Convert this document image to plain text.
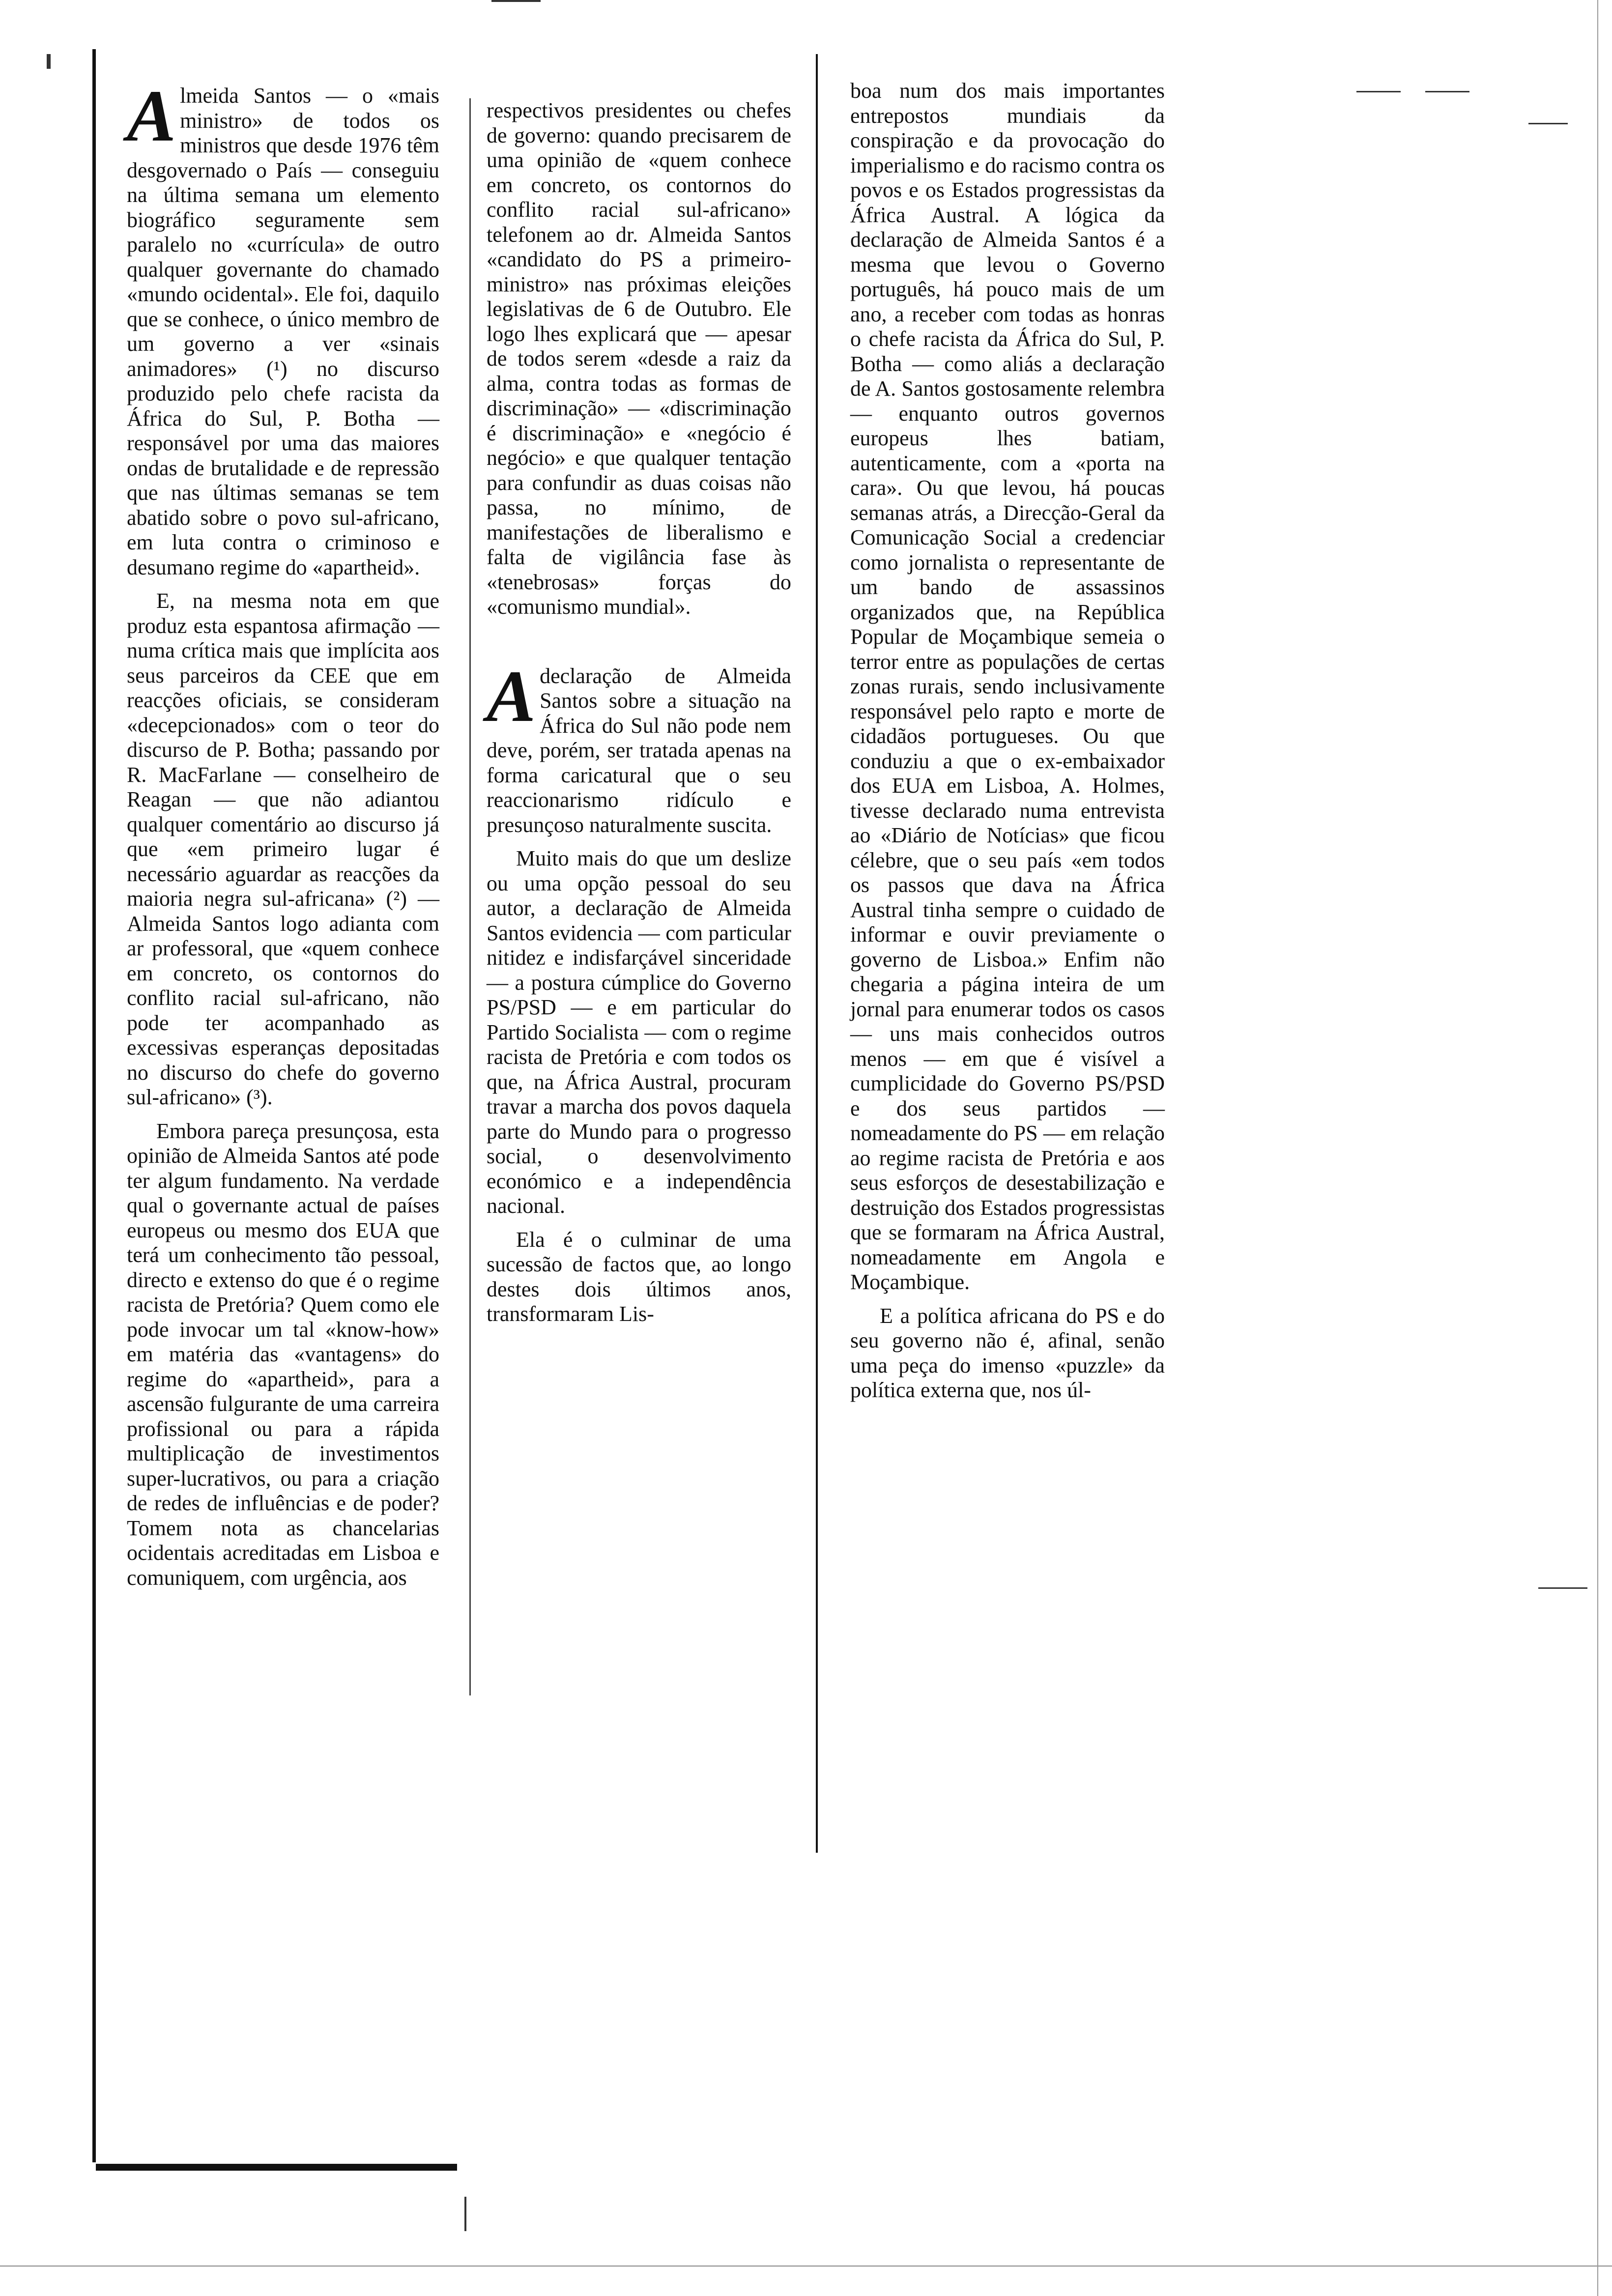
Almeida Santos — o «mais ministro» de todos os ministros que desde 1976 têm desgovernado o País — conseguiu na última semana um elemento biográfico seguramente sem paralelo no «currícula» de outro qualquer governante do chamado «mundo ocidental». Ele foi, daquilo que se conhece, o único membro de um governo a ver «sinais animadores» (¹) no discurso produzido pelo chefe racista da África do Sul, P. Botha — responsável por uma das maiores ondas de brutalidade e de repressão que nas últimas semanas se tem abatido sobre o povo sul-africano, em luta contra o criminoso e desumano regime do «apartheid».

E, na mesma nota em que produz esta espantosa afirmação — numa crítica mais que implícita aos seus parceiros da CEE que em reacções oficiais, se consideram «decepcionados» com o teor do discurso de P. Botha; passando por R. MacFarlane — conselheiro de Reagan — que não adiantou qualquer comentário ao discurso já que «em primeiro lugar é necessário aguardar as reacções da maioria negra sul-africana» (²) — Almeida Santos logo adianta com ar professoral, que «quem conhece em concreto, os contornos do conflito racial sul-africano, não pode ter acompanhado as excessivas esperanças depositadas no discurso do chefe do governo sul-africano» (³).

Embora pareça presunçosa, esta opinião de Almeida Santos até pode ter algum fundamento. Na verdade qual o governante actual de países europeus ou mesmo dos EUA que terá um conhecimento tão pessoal, directo e extenso do que é o regime racista de Pretória? Quem como ele pode invocar um tal «know-how» em matéria das «vantagens» do regime do «apartheid», para a ascensão fulgurante de uma carreira profissional ou para a rápida multiplicação de investimentos super-lucrativos, ou para a criação de redes de influências e de poder? Tomem nota as chancelarias ocidentais acreditadas em Lisboa e comuniquem, com urgência, aos

respectivos presidentes ou chefes de governo: quando precisarem de uma opinião de «quem conhece em concreto, os contornos do conflito racial sul-africano» telefonem ao dr. Almeida Santos «candidato do PS a primeiro-ministro» nas próximas eleições legislativas de 6 de Outubro. Ele logo lhes explicará que — apesar de todos serem «desde a raiz da alma, contra todas as formas de discriminação» — «discriminação é discriminação» e «negócio é negócio» e que qualquer tentação para confundir as duas coisas não passa, no mínimo, de manifestações de liberalismo e falta de vigilância fase às «tenebrosas» forças do «comunismo mundial».

A declaração de Almeida Santos sobre a situação na África do Sul não pode nem deve, porém, ser tratada apenas na forma caricatural que o seu reaccionarismo ridículo e presunçoso naturalmente suscita.

Muito mais do que um deslize ou uma opção pessoal do seu autor, a declaração de Almeida Santos evidencia — com particular nitidez e indisfarçável sinceridade — a postura cúmplice do Governo PS/PSD — e em particular do Partido Socialista — com o regime racista de Pretória e com todos os que, na África Austral, procuram travar a marcha dos povos daquela parte do Mundo para o progresso social, o desenvolvimento económico e a independência nacional.

Ela é o culminar de uma sucessão de factos que, ao longo destes dois últimos anos, transformaram Lis-

boa num dos mais importantes entrepostos mundiais da conspiração e da provocação do imperialismo e do racismo contra os povos e os Estados progressistas da África Austral. A lógica da declaração de Almeida Santos é a mesma que levou o Governo português, há pouco mais de um ano, a receber com todas as honras o chefe racista da África do Sul, P. Botha — como aliás a declaração de A. Santos gostosamente relembra — enquanto outros governos europeus lhes batiam, autenticamente, com a «porta na cara». Ou que levou, há poucas semanas atrás, a Direcção-Geral da Comunicação Social a credenciar como jornalista o representante de um bando de assassinos organizados que, na República Popular de Moçambique semeia o terror entre as populações de certas zonas rurais, sendo inclusivamente responsável pelo rapto e morte de cidadãos portugueses. Ou que conduziu a que o ex-embaixador dos EUA em Lisboa, A. Holmes, tivesse declarado numa entrevista ao «Diário de Notícias» que ficou célebre, que o seu país «em todos os passos que dava na África Austral tinha sempre o cuidado de informar e ouvir previamente o governo de Lisboa.» Enfim não chegaria a página inteira de um jornal para enumerar todos os casos — uns mais conhecidos outros menos — em que é visível a cumplicidade do Governo PS/PSD e dos seus partidos — nomeadamente do PS — em relação ao regime racista de Pretória e aos seus esforços de desestabilização e destruição dos Estados progressistas que se formaram na África Austral, nomeadamente em Angola e Moçambique.

E a política africana do PS e do seu governo não é, afinal, senão uma peça do imenso «puzzle» da política externa que, nos úl-
